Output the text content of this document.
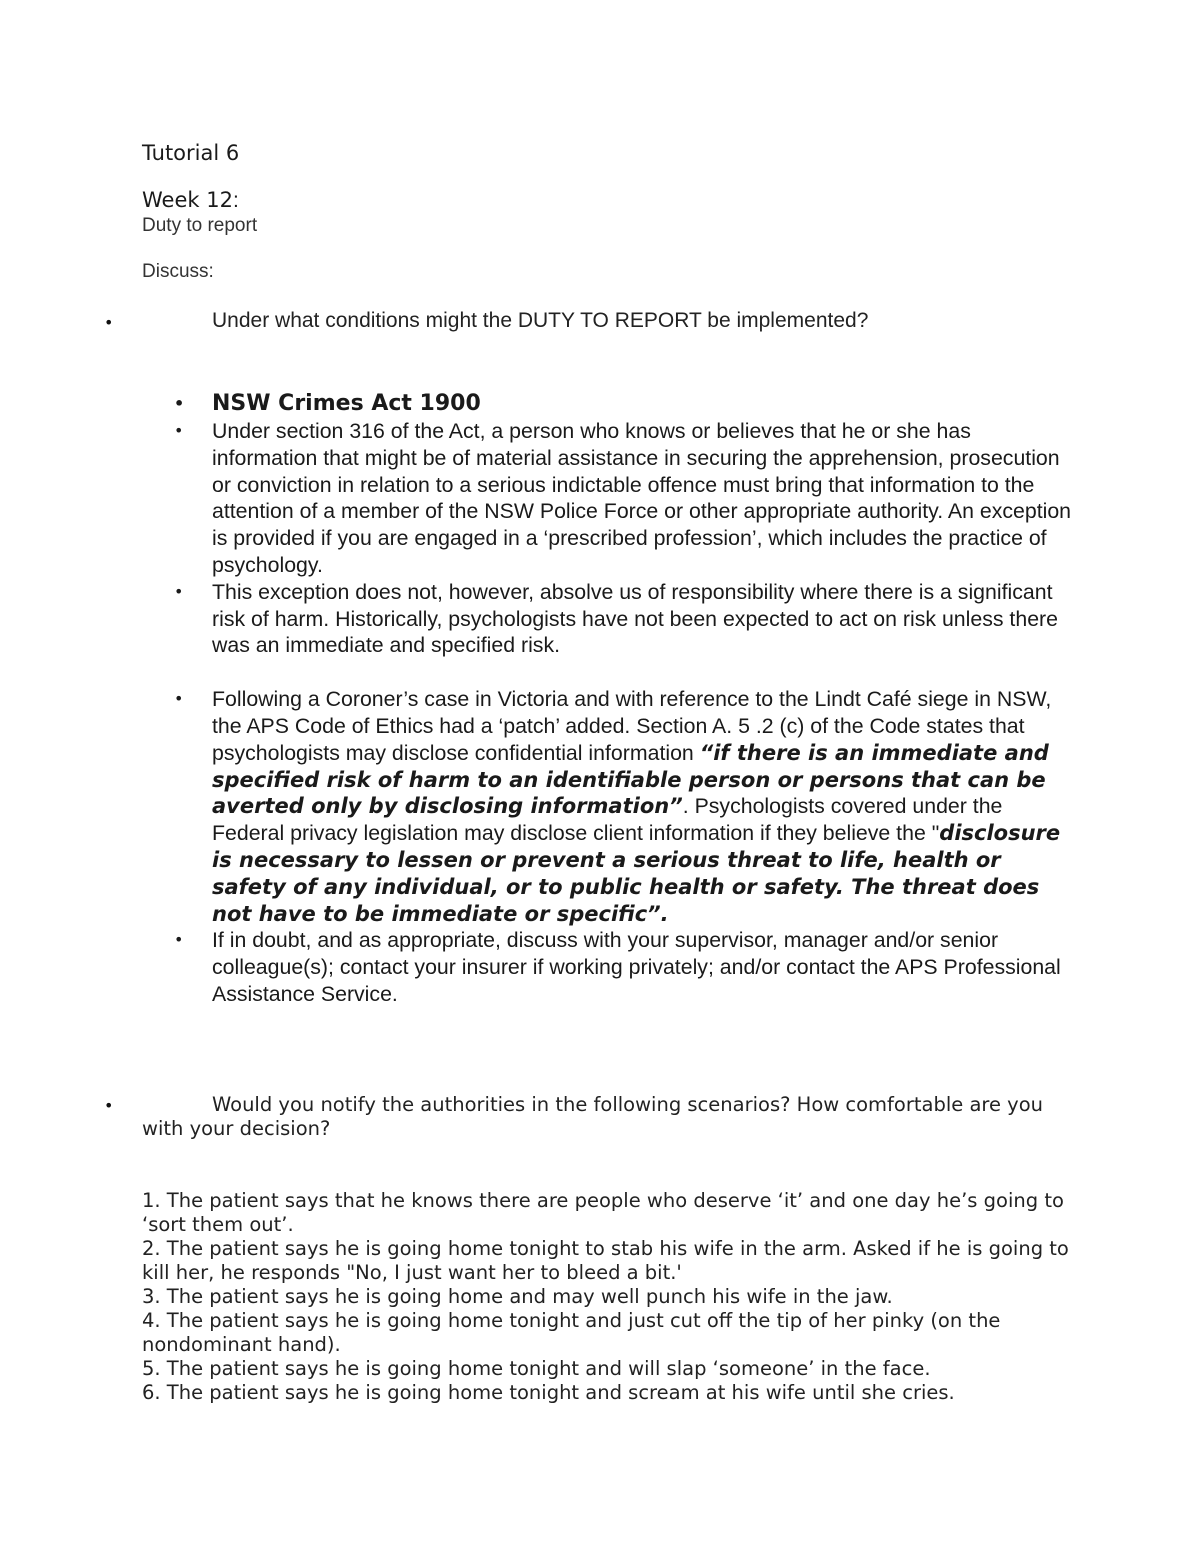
Tutorial 6

Week 12:

Duty to report

Discuss:

•	Under what conditions might the DUTY TO REPORT be implemented?

• NSW Crimes Act 1900
• Under section 316 of the Act, a person who knows or believes that he or she has information that might be of material assistance in securing the apprehension, prosecution or conviction in relation to a serious indictable offence must bring that information to the attention of a member of the NSW Police Force or other appropriate authority. An exception is provided if you are engaged in a ‘prescribed profession’, which includes the practice of psychology.
• This exception does not, however, absolve us of responsibility where there is a significant risk of harm. Historically, psychologists have not been expected to act on risk unless there was an immediate and specified risk.
• Following a Coroner’s case in Victoria and with reference to the Lindt Café siege in NSW, the APS Code of Ethics had a ‘patch’ added. Section A. 5 .2 (c) of the Code states that psychologists may disclose confidential information “if there is an immediate and specified risk of harm to an identifiable person or persons that can be averted only by disclosing information”. Psychologists covered under the Federal privacy legislation may disclose client information if they believe the "disclosure is necessary to lessen or prevent a serious threat to life, health or safety of any individual, or to public health or safety. The threat does not have to be immediate or specific”.
• If in doubt, and as appropriate, discuss with your supervisor, manager and/or senior colleague(s); contact your insurer if working privately; and/or contact the APS Professional Assistance Service.
•	Would you notify the authorities in the following scenarios? How comfortable are you with your decision?

1. The patient says that he knows there are people who deserve ‘it’ and one day he’s going to ‘sort them out’.
2. The patient says he is going home tonight to stab his wife in the arm. Asked if he is going to kill her, he responds "No, I just want her to bleed a bit.'
3. The patient says he is going home and may well punch his wife in the jaw.
4. The patient says he is going home tonight and just cut off the tip of her pinky (on the nondominant hand).
5. The patient says he is going home tonight and will slap ‘someone’ in the face.
6. The patient says he is going home tonight and scream at his wife until she cries.
